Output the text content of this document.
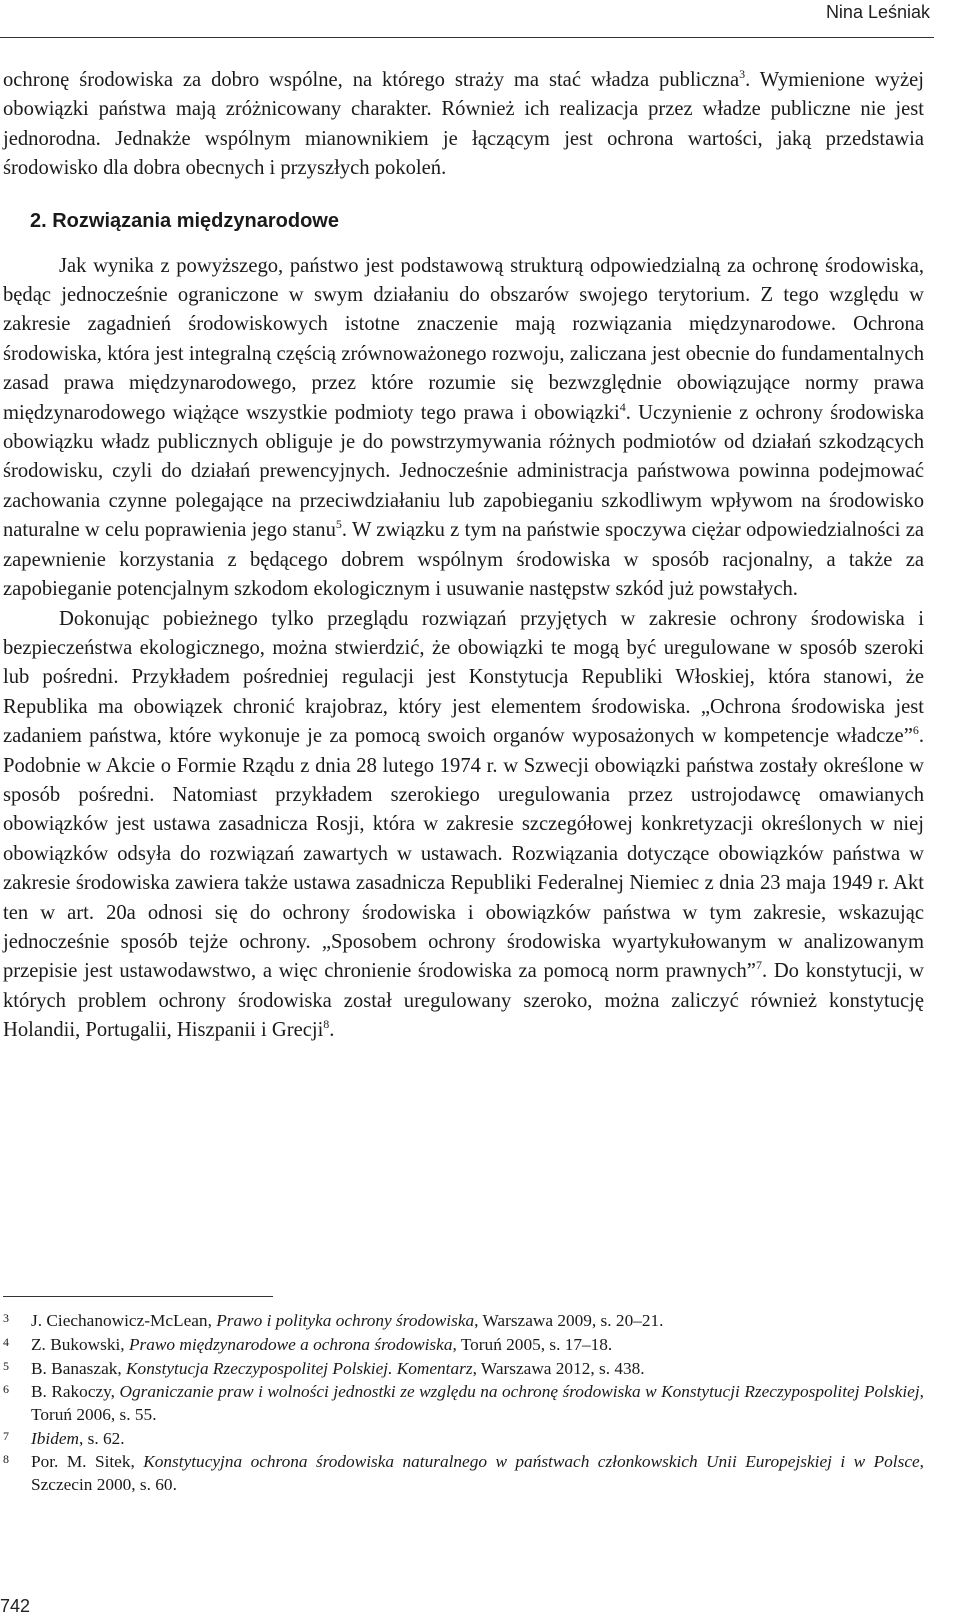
Nina Leśniak

ochronę środowiska za dobro wspólne, na którego straży ma stać władza publiczna$^3$. Wymienione wyżej obowiązki państwa mają zróżnicowany charakter. Również ich realizacja przez władze publiczne nie jest jednorodna. Jednakże wspólnym mianownikiem je łączącym jest ochrona wartości, jaką przedstawia środowisko dla dobra obecnych i przyszłych pokoleń.

2. Rozwiązania międzynarodowe

Jak wynika z powyższego, państwo jest podstawową strukturą odpowiedzialną za ochronę środowiska, będąc jednocześnie ograniczone w swym działaniu do obszarów swojego terytorium. Z tego względu w zakresie zagadnień środowiskowych istotne znaczenie mają rozwiązania międzynarodowe. Ochrona środowiska, która jest integralną częścią zrównoważonego rozwoju, zaliczana jest obecnie do fundamentalnych zasad prawa międzynarodowego, przez które rozumie się bezwzględnie obowiązujące normy prawa międzynarodowego wiążące wszystkie podmioty tego prawa i obowiązki$^4$. Uczynienie z ochrony środowiska obowiązku władz publicznych obliguje je do powstrzymywania różnych podmiotów od działań szkodzących środowisku, czyli do działań prewencyjnych. Jednocześnie administracja państwowa powinna podejmować zachowania czynne polegające na przeciwdziałaniu lub zapobieganiu szkodliwym wpływom na środowisko naturalne w celu poprawienia jego stanu$^5$. W związku z tym na państwie spoczywa ciężar odpowiedzialności za zapewnienie korzystania z będącego dobrem wspólnym środowiska w sposób racjonalny, a także za zapobieganie potencjalnym szkodom ekologicznym i usuwanie następstw szkód już powstałych.

Dokonując pobieżnego tylko przeglądu rozwiązań przyjętych w zakresie ochrony środowiska i bezpieczeństwa ekologicznego, można stwierdzić, że obowiązki te mogą być uregulowane w sposób szeroki lub pośredni. Przykładem pośredniej regulacji jest Konstytucja Republiki Włoskiej, która stanowi, że Republika ma obowiązek chronić krajobraz, który jest elementem środowiska. „Ochrona środowiska jest zadaniem państwa, które wykonuje je za pomocą swoich organów wyposażonych w kompetencje władcze”$^6$. Podobnie w Akcie o Formie Rządu z dnia 28 lutego 1974 r. w Szwecji obowiązki państwa zostały określone w sposób pośredni. Natomiast przykładem szerokiego uregulowania przez ustrojodawcę omawianych obowiązków jest ustawa zasadnicza Rosji, która w zakresie szczegółowej konkretyzacji określonych w niej obowiązków odsyła do rozwiązań zawartych w ustawach. Rozwiązania dotyczące obowiązków państwa w zakresie środowiska zawiera także ustawa zasadnicza Republiki Federalnej Niemiec z dnia 23 maja 1949 r. Akt ten w art. 20a odnosi się do ochrony środowiska i obowiązków państwa w tym zakresie, wskazując jednocześnie sposób tejże ochrony. „Sposobem ochrony środowiska wyartykułowanym w analizowanym przepisie jest ustawodawstwo, a więc chronienie środowiska za pomocą norm prawnych”$^7$. Do konstytucji, w których problem ochrony środowiska został uregulowany szeroko, można zaliczyć również konstytucję Holandii, Portugalii, Hiszpanii i Grecji$^8$.

3 J. Ciechanowicz-McLean, Prawo i polityka ochrony środowiska, Warszawa 2009, s. 20–21.
4 Z. Bukowski, Prawo międzynarodowe a ochrona środowiska, Toruń 2005, s. 17–18.
5 B. Banaszak, Konstytucja Rzeczypospolitej Polskiej. Komentarz, Warszawa 2012, s. 438.
6 B. Rakoczy, Ograniczanie praw i wolności jednostki ze względu na ochronę środowiska w Konstytucji Rzeczypospolitej Polskiej, Toruń 2006, s. 55.
7 Ibidem, s. 62.
8 Por. M. Sitek, Konstytucyjna ochrona środowiska naturalnego w państwach członkowskich Unii Europejskiej i w Polsce, Szczecin 2000, s. 60.
742
